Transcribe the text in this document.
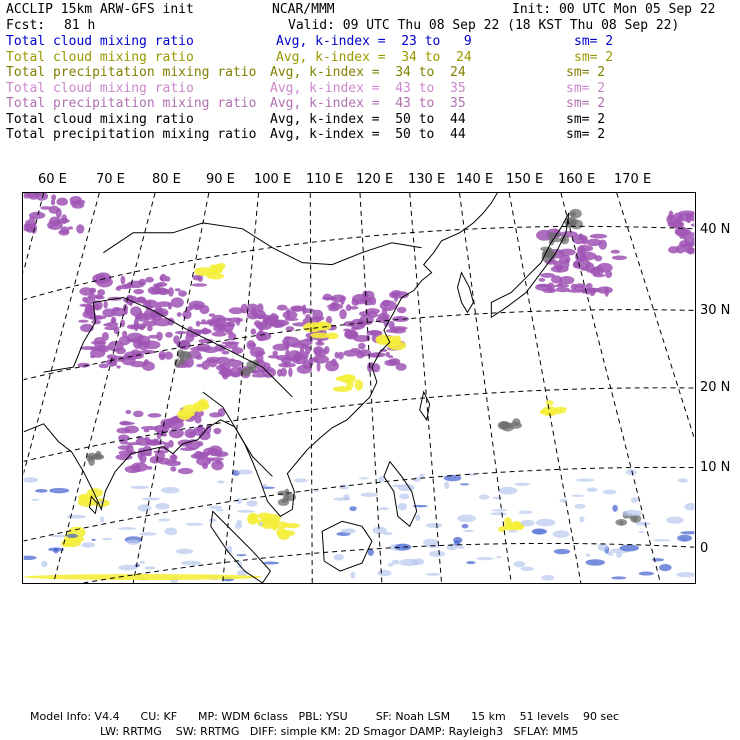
ACCLIP 15km ARW-GFS init	NCAR/MMM	Init: 00 UTC Mon 05 Sep 22
Fcst: 81 h	Valid: 09 UTC Thu 08 Sep 22 (18 KST Thu 08 Sep 22)
Total cloud mixing ratio	Avg, k-index =  23 to   9	sm= 2
Total cloud mixing ratio	Avg, k-index =  34 to  24	sm= 2
Total precipitation mixing ratio Avg, k-index =  34 to  24	sm= 2
Total cloud mixing ratio	Avg, k-index =  43 to  35	sm= 2
Total precipitation mixing ratio Avg, k-index =  43 to  35	sm= 2
Total cloud mixing ratio	Avg, k-index =  50 to  44	sm= 2
Total precipitation mixing ratio Avg, k-index =  50 to  44	sm= 2
60 E 70 E 80 E 90 E 100 E 110 E 120 E 130 E 140 E 150 E 160 E 170 E
40 N
30 N
20 N
10 N
0
Model Info: V4.4      CU: KF      MP: WDM 6class   PBL: YSU        SF: Noah LSM      15 km    51 levels    90 sec
LW: RRTMG    SW: RRTMG   DIFF: simple KM: 2D Smagor DAMP: Rayleigh3   SFLAY: MM5
